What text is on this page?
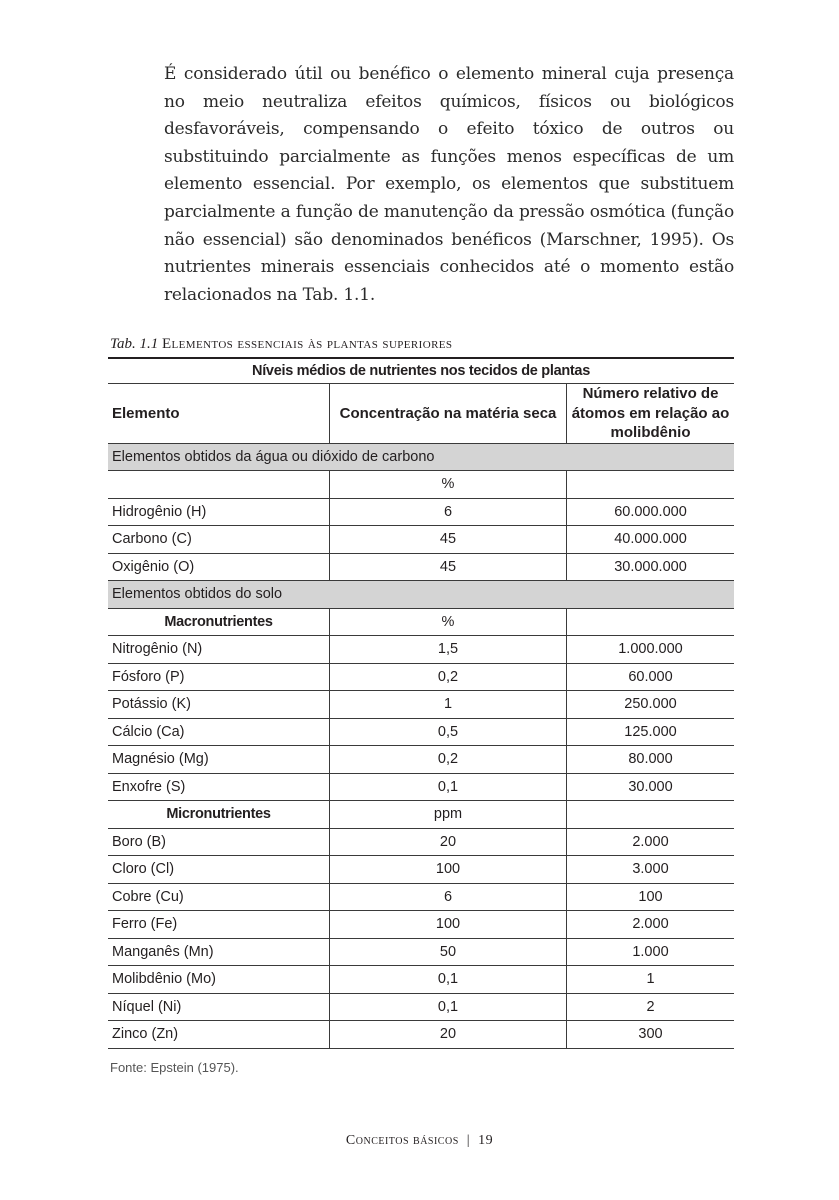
É considerado útil ou benéfico o elemento mineral cuja presença no meio neutraliza efeitos químicos, físicos ou biológicos desfavoráveis, compensando o efeito tóxico de outros ou substituindo parcialmente as funções menos específicas de um elemento essencial. Por exemplo, os elementos que substituem parcialmente a função de manutenção da pressão osmótica (função não essencial) são denominados benéficos (Marschner, 1995). Os nutrientes minerais essenciais conhecidos até o momento estão relacionados na Tab. 1.1.

Tab. 1.1 Elementos essenciais às plantas superiores
Níveis médios de nutrientes nos tecidos de plantas		
Elemento	Concentração na matéria seca	Número relativo de átomos em relação ao molibdênio
Elementos obtidos da água ou dióxido de carbono		
	%	
Hidrogênio (H)	6	60.000.000
Carbono (C)	45	40.000.000
Oxigênio (O)	45	30.000.000
Elementos obtidos do solo		
Macronutrientes	%	
Nitrogênio (N)	1,5	1.000.000
Fósforo (P)	0,2	60.000
Potássio (K)	1	250.000
Cálcio (Ca)	0,5	125.000
Magnésio (Mg)	0,2	80.000
Enxofre (S)	0,1	30.000
Micronutrientes	ppm	
Boro (B)	20	2.000
Cloro (Cl)	100	3.000
Cobre (Cu)	6	100
Ferro (Fe)	100	2.000
Manganês (Mn)	50	1.000
Molibdênio (Mo)	0,1	1
Níquel (Ni)	0,1	2
Zinco (Zn)	20	300
Fonte: Epstein (1975).
Conceitos básicos | 19
